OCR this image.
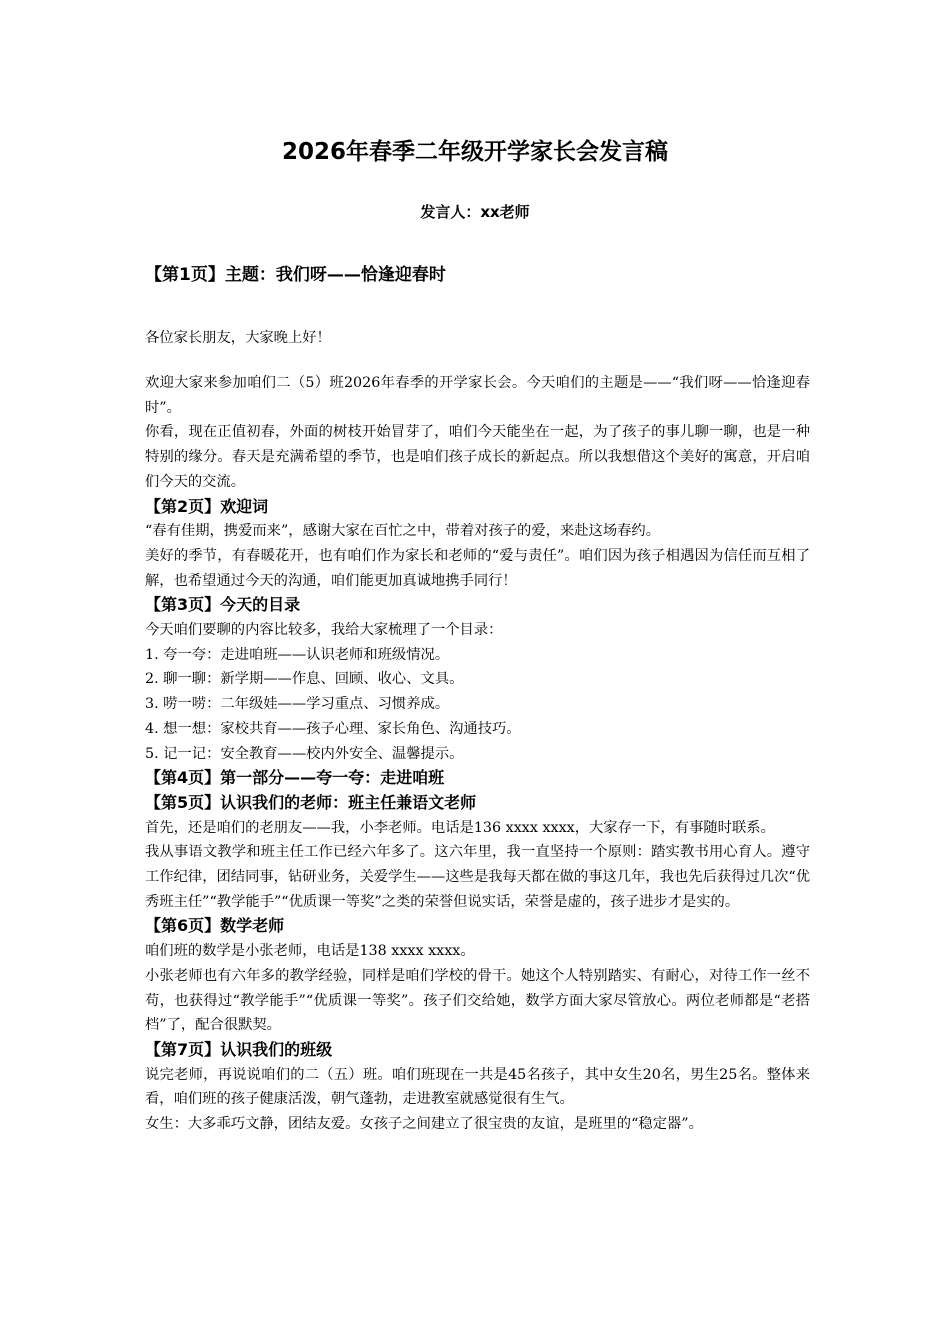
2026年春季二年级开学家长会发言稿
发言人：xx老师
【第1页】主题：我们呀——恰逢迎春时

各位家长朋友，大家晚上好！

欢迎大家来参加咱们二（5）班2026年春季的开学家长会。今天咱们的主题是——“我们呀——恰逢迎春时”。

你看，现在正值初春，外面的树枝开始冒芽了，咱们今天能坐在一起，为了孩子的事儿聊一聊，也是一种特别的缘分。春天是充满希望的季节，也是咱们孩子成长的新起点。所以我想借这个美好的寓意，开启咱们今天的交流。

【第2页】欢迎词

“春有佳期，携爱而来”，感谢大家在百忙之中，带着对孩子的爱，来赴这场春约。

美好的季节，有春暖花开，也有咱们作为家长和老师的“爱与责任”。咱们因为孩子相遇因为信任而互相了解，也希望通过今天的沟通，咱们能更加真诚地携手同行！

【第3页】今天的目录

今天咱们要聊的内容比较多，我给大家梳理了一个目录：

1. 夸一夸：走进咱班——认识老师和班级情况。
2. 聊一聊：新学期——作息、回顾、收心、文具。
3. 唠一唠：二年级娃——学习重点、习惯养成。
4. 想一想：家校共育——孩子心理、家长角色、沟通技巧。
5. 记一记：安全教育——校内外安全、温馨提示。
【第4页】第一部分——夸一夸：走进咱班
【第5页】认识我们的老师：班主任兼语文老师

首先，还是咱们的老朋友——我，小李老师。电话是136 xxxx xxxx，大家存一下，有事随时联系。

我从事语文教学和班主任工作已经六年多了。这六年里，我一直坚持一个原则：踏实教书用心育人。遵守工作纪律，团结同事，钻研业务，关爱学生——这些是我每天都在做的事这几年，我也先后获得过几次“优秀班主任”“教学能手”“优质课一等奖”之类的荣誉但说实话，荣誉是虚的，孩子进步才是实的。

【第6页】数学老师

咱们班的数学是小张老师，电话是138 xxxx xxxx。

小张老师也有六年多的教学经验，同样是咱们学校的骨干。她这个人特别踏实、有耐心，对待工作一丝不苟，也获得过“教学能手”“优质课一等奖”。孩子们交给她，数学方面大家尽管放心。两位老师都是“老搭档”了，配合很默契。

【第7页】认识我们的班级

说完老师，再说说咱们的二（五）班。咱们班现在一共是45名孩子，其中女生20名，男生25名。整体来看，咱们班的孩子健康活泼，朝气蓬勃，走进教室就感觉很有生气。

女生：大多乖巧文静，团结友爱。女孩子之间建立了很宝贵的友谊，是班里的“稳定器”。
